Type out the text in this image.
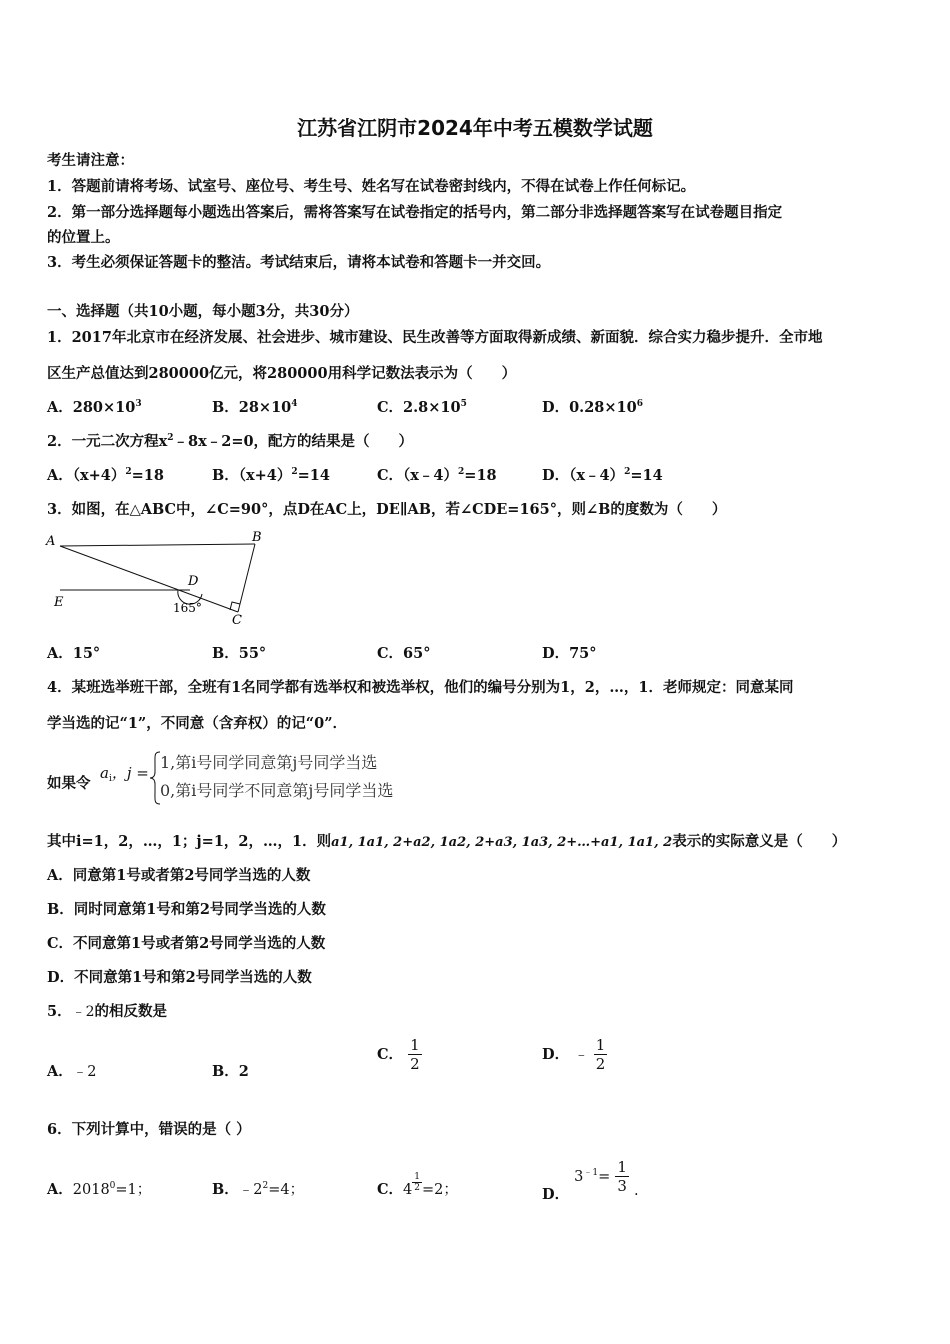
江苏省江阴市2024年中考五模数学试题
考生请注意：
1．答题前请将考场、试室号、座位号、考生号、姓名写在试卷密封线内，不得在试卷上作任何标记。
2．第一部分选择题每小题选出答案后，需将答案写在试卷指定的括号内，第二部分非选择题答案写在试卷题目指定
的位置上。
3．考生必须保证答题卡的整洁。考试结束后，请将本试卷和答题卡一并交回。
一、选择题（共10小题，每小题3分，共30分）
1．2017年北京市在经济发展、社会进步、城市建设、民生改善等方面取得新成绩、新面貌．综合实力稳步提升．全市地
区生产总值达到280000亿元，将280000用科学记数法表示为（　　）
A．$280\times 10^3$	B．$28\times 10^4$	C．$2.8\times 10^5$	D．$0.28\times 10^6$
2．一元二次方程$x^2﹣8x﹣2=0$，配方的结果是（　　）
A．$(x+4)^2=18$	B．$(x+4)^2=14$	C．（x﹣4）$^2$=18	D．（x﹣4）$^2$=14
3．如图，在△ABC中，∠C=90°，点D在AC上，DE∥AB，若∠CDE=165°，则∠B的度数为（　　）
A	B
D
E
C
165°
A．15°	B．55°	C．65°	D．75°
4．某班选举班干部，全班有1名同学都有选举权和被选举权，他们的编号分别为1，2，…，1．老师规定：同意某同
学当选的记“1”，不同意（含弃权）的记“0”．
如果令
$a_i$，j =
1,第i号同学同意第j号同学当选
0,第i号同学不同意第j号同学当选
其中i=1，2，…，1；j=1，2，…，1．则a1, 1a1, 2+a2, 1a2, 2+a3, 1a3, 2+…+a1, 1a1, 2表示的实际意义是（　　）
A．同意第1号或者第2号同学当选的人数
B．同时同意第1号和第2号同学当选的人数
C．不同意第1号或者第2号同学当选的人数
D．不同意第1号和第2号同学当选的人数
5．﹣2的相反数是
A．﹣2	B．2
C． $\frac{1}{2}$	D． ﹣ $\frac{1}{2}$
6．下列计算中，错误的是（ ）
A．$2018^0=1$；	B．$﹣2^2=4$；	C．$4 \frac{1}{2} =2$；	D． $3^{﹣1}= \frac{1}{3}$ .
